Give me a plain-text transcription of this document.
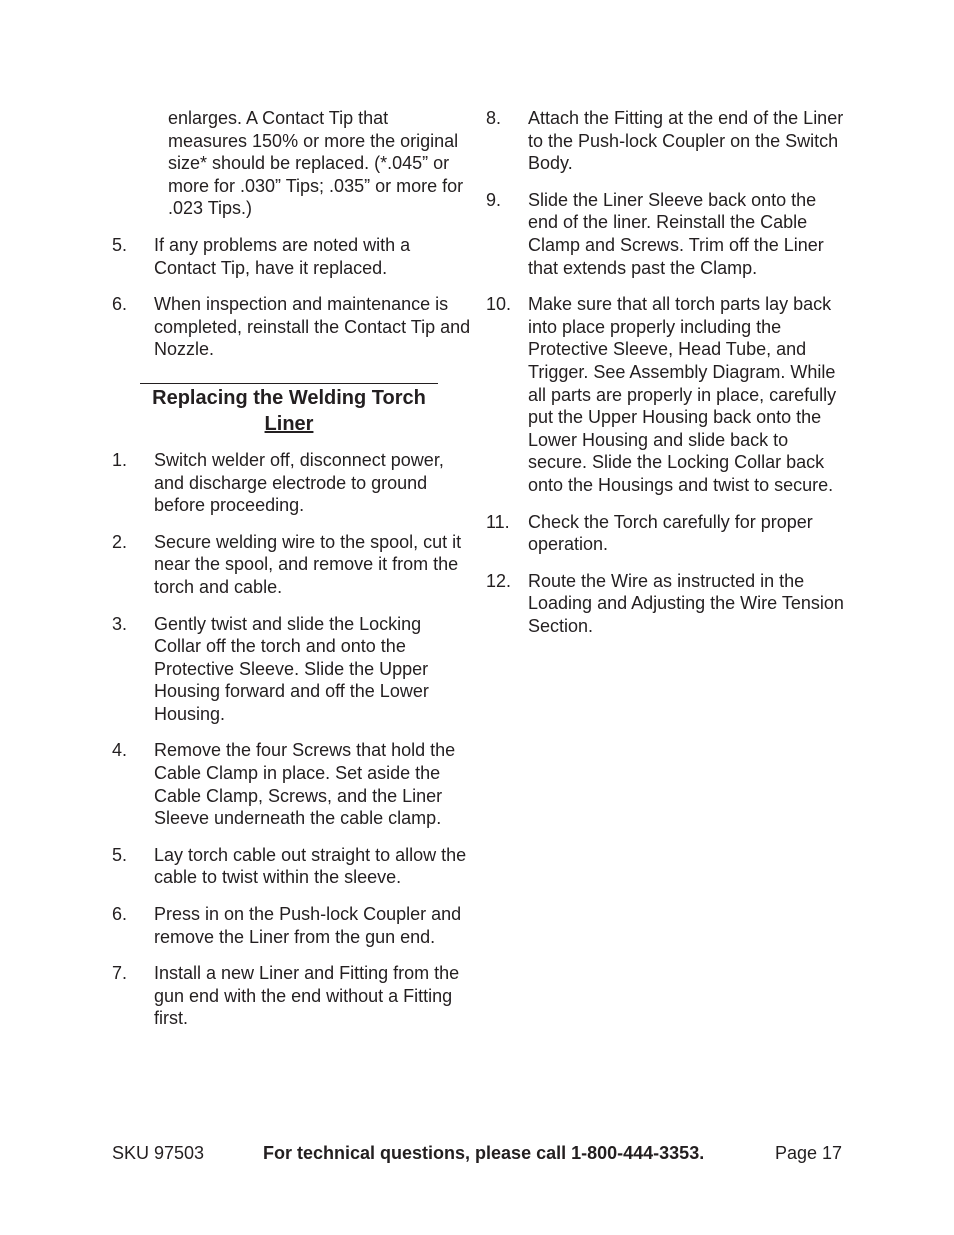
enlarges. A Contact Tip that measures 150% or more the original size* should be replaced. (*.045” or more for .030” Tips; .035” or more for .023 Tips.)

5. If any problems are noted with a Contact Tip, have it replaced.
6. When inspection and maintenance is completed, reinstall the Contact Tip and Nozzle.
Replacing the Welding Torch
Liner
1. Switch welder off, disconnect power, and discharge electrode to ground before proceeding.
2. Secure welding wire to the spool, cut it near the spool, and remove it from the torch and cable.
3. Gently twist and slide the Locking Collar off the torch and onto the Protective Sleeve. Slide the Upper Housing forward and off the Lower Housing.
4. Remove the four Screws that hold the Cable Clamp in place. Set aside the Cable Clamp, Screws, and the Liner Sleeve underneath the cable clamp.
5. Lay torch cable out straight to allow the cable to twist within the sleeve.
6. Press in on the Push-lock Coupler and remove the Liner from the gun end.
7. Install a new Liner and Fitting from the gun end with the end without a Fitting first.
8. Attach the Fitting at the end of the Liner to the Push-lock Coupler on the Switch Body.
9. Slide the Liner Sleeve back onto the end of the liner. Reinstall the Cable Clamp and Screws. Trim off the Liner that extends past the Clamp.
10. Make sure that all torch parts lay back into place properly including the Protective Sleeve, Head Tube, and Trigger. See Assembly Diagram. While all parts are properly in place, carefully put the Upper Housing back onto the Lower Housing and slide back to secure. Slide the Locking Collar back onto the Housings and twist to secure.
11. Check the Torch carefully for proper operation.
12. Route the Wire as instructed in the Loading and Adjusting the Wire Tension Section.
SKU 97503	For technical questions, please call 1-800-444-3353.	Page 17
